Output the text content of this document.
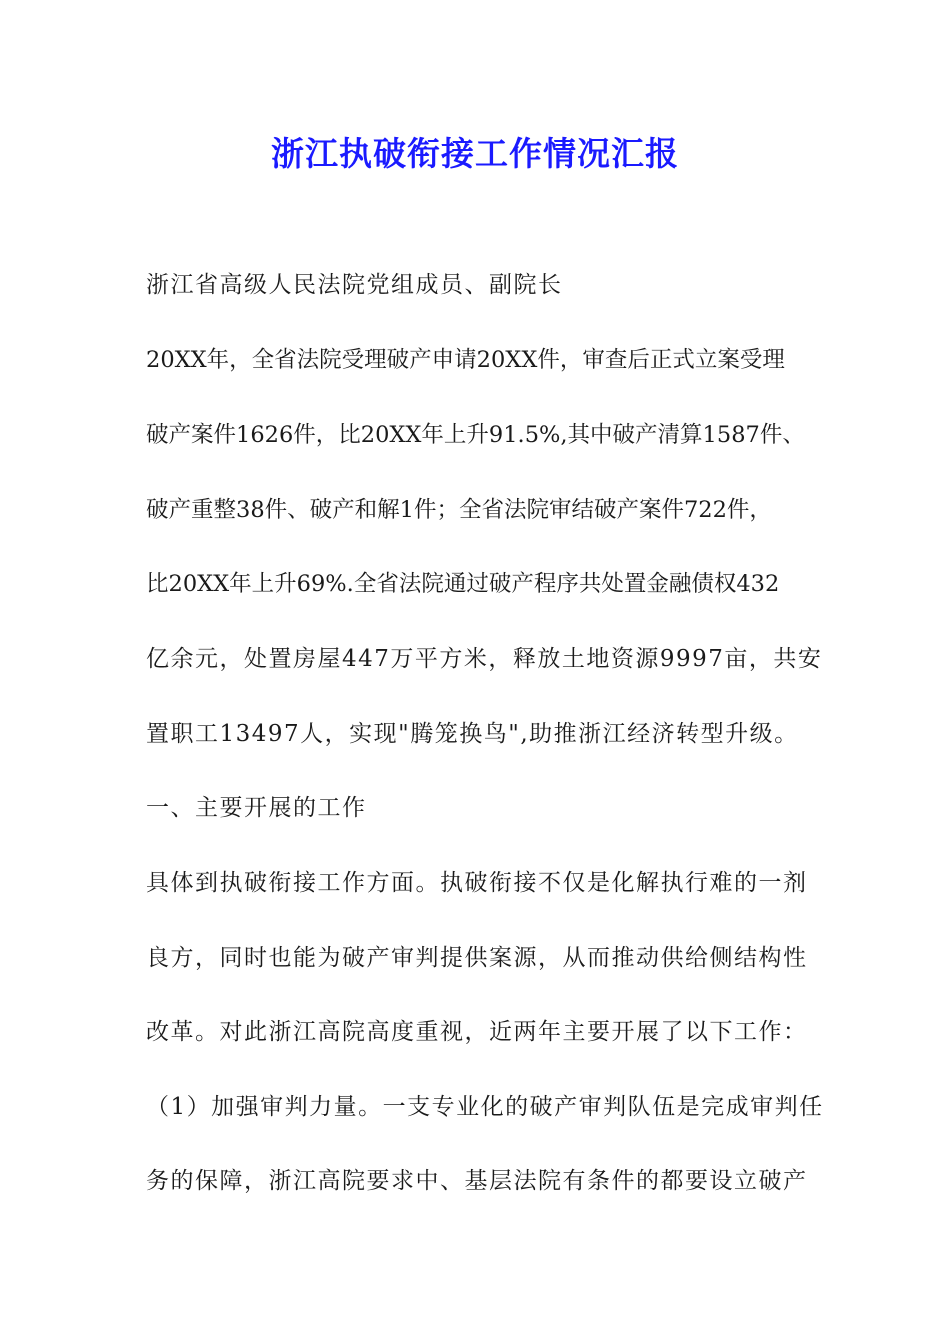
浙江执破衔接工作情况汇报
浙江省高级人民法院党组成员、副院长
20XX年，全省法院受理破产申请20XX件，审查后正式立案受理
破产案件1626件，比20XX年上升91.5%,其中破产清算1587件、
破产重整38件、破产和解1件；全省法院审结破产案件722件，
比20XX年上升69%.全省法院通过破产程序共处置金融债权432
亿余元，处置房屋447万平方米，释放土地资源9997亩，共安
置职工13497人，实现"腾笼换鸟",助推浙江经济转型升级。
一、主要开展的工作
具体到执破衔接工作方面。执破衔接不仅是化解执行难的一剂
良方，同时也能为破产审判提供案源，从而推动供给侧结构性
改革。对此浙江高院高度重视，近两年主要开展了以下工作：
（1）加强审判力量。一支专业化的破产审判队伍是完成审判任
务的保障，浙江高院要求中、基层法院有条件的都要设立破产
